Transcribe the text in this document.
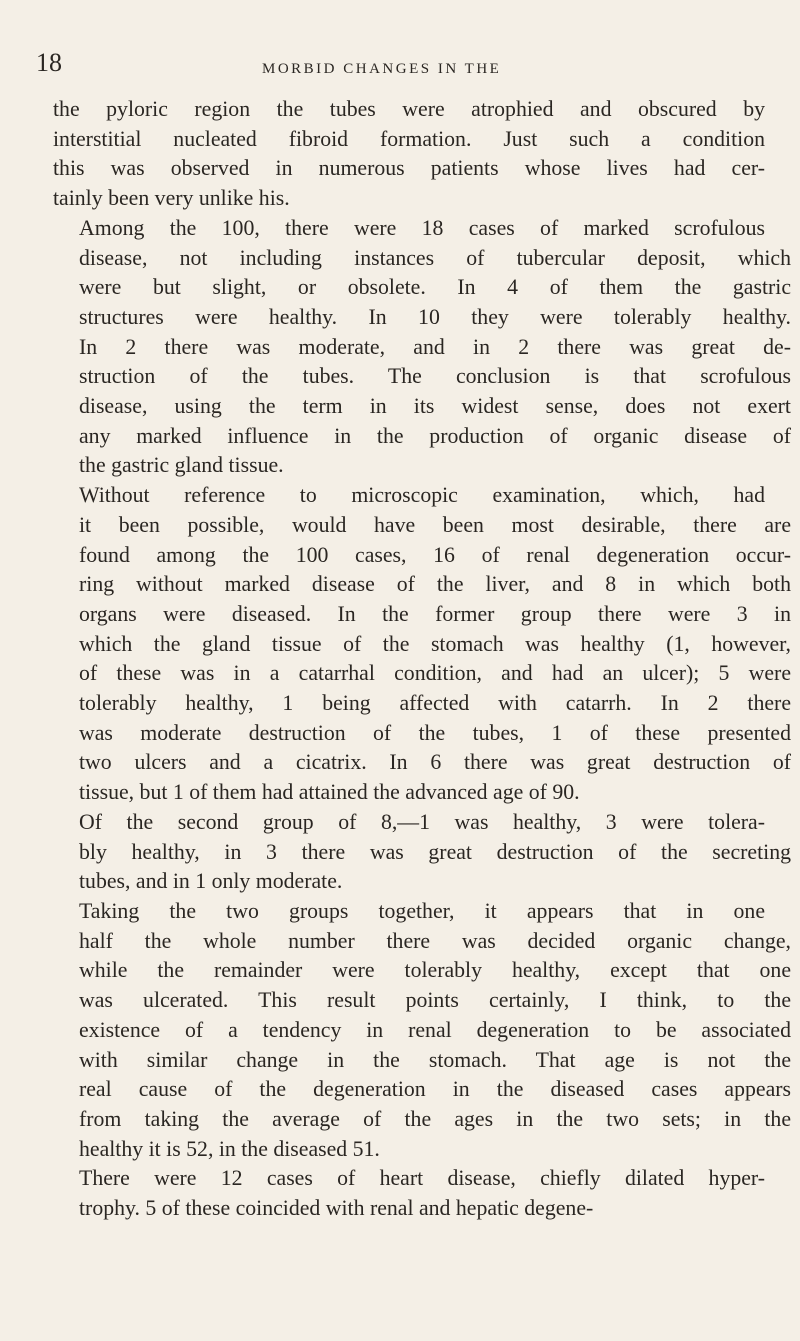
18	MORBID CHANGES IN THE

the pyloric region the tubes were atrophied and obscured by
interstitial nucleated fibroid formation. Just such a condition
this was observed in numerous patients whose lives had cer-
tainly been very unlike his.

Among the 100, there were 18 cases of marked scrofulous
disease, not including instances of tubercular deposit, which
were but slight, or obsolete. In 4 of them the gastric
structures were healthy. In 10 they were tolerably healthy.
In 2 there was moderate, and in 2 there was great de-
struction of the tubes. The conclusion is that scrofulous
disease, using the term in its widest sense, does not exert
any marked influence in the production of organic disease of
the gastric gland tissue.

Without reference to microscopic examination, which, had
it been possible, would have been most desirable, there are
found among the 100 cases, 16 of renal degeneration occur-
ring without marked disease of the liver, and 8 in which both
organs were diseased. In the former group there were 3 in
which the gland tissue of the stomach was healthy (1, however,
of these was in a catarrhal condition, and had an ulcer); 5 were
tolerably healthy, 1 being affected with catarrh. In 2 there
was moderate destruction of the tubes, 1 of these presented
two ulcers and a cicatrix. In 6 there was great destruction of
tissue, but 1 of them had attained the advanced age of 90.

Of the second group of 8,—1 was healthy, 3 were tolera-
bly healthy, in 3 there was great destruction of the secreting
tubes, and in 1 only moderate.

Taking the two groups together, it appears that in one
half the whole number there was decided organic change,
while the remainder were tolerably healthy, except that one
was ulcerated. This result points certainly, I think, to the
existence of a tendency in renal degeneration to be associated
with similar change in the stomach. That age is not the
real cause of the degeneration in the diseased cases appears
from taking the average of the ages in the two sets; in the
healthy it is 52, in the diseased 51.

There were 12 cases of heart disease, chiefly dilated hyper-
trophy. 5 of these coincided with renal and hepatic degene-
